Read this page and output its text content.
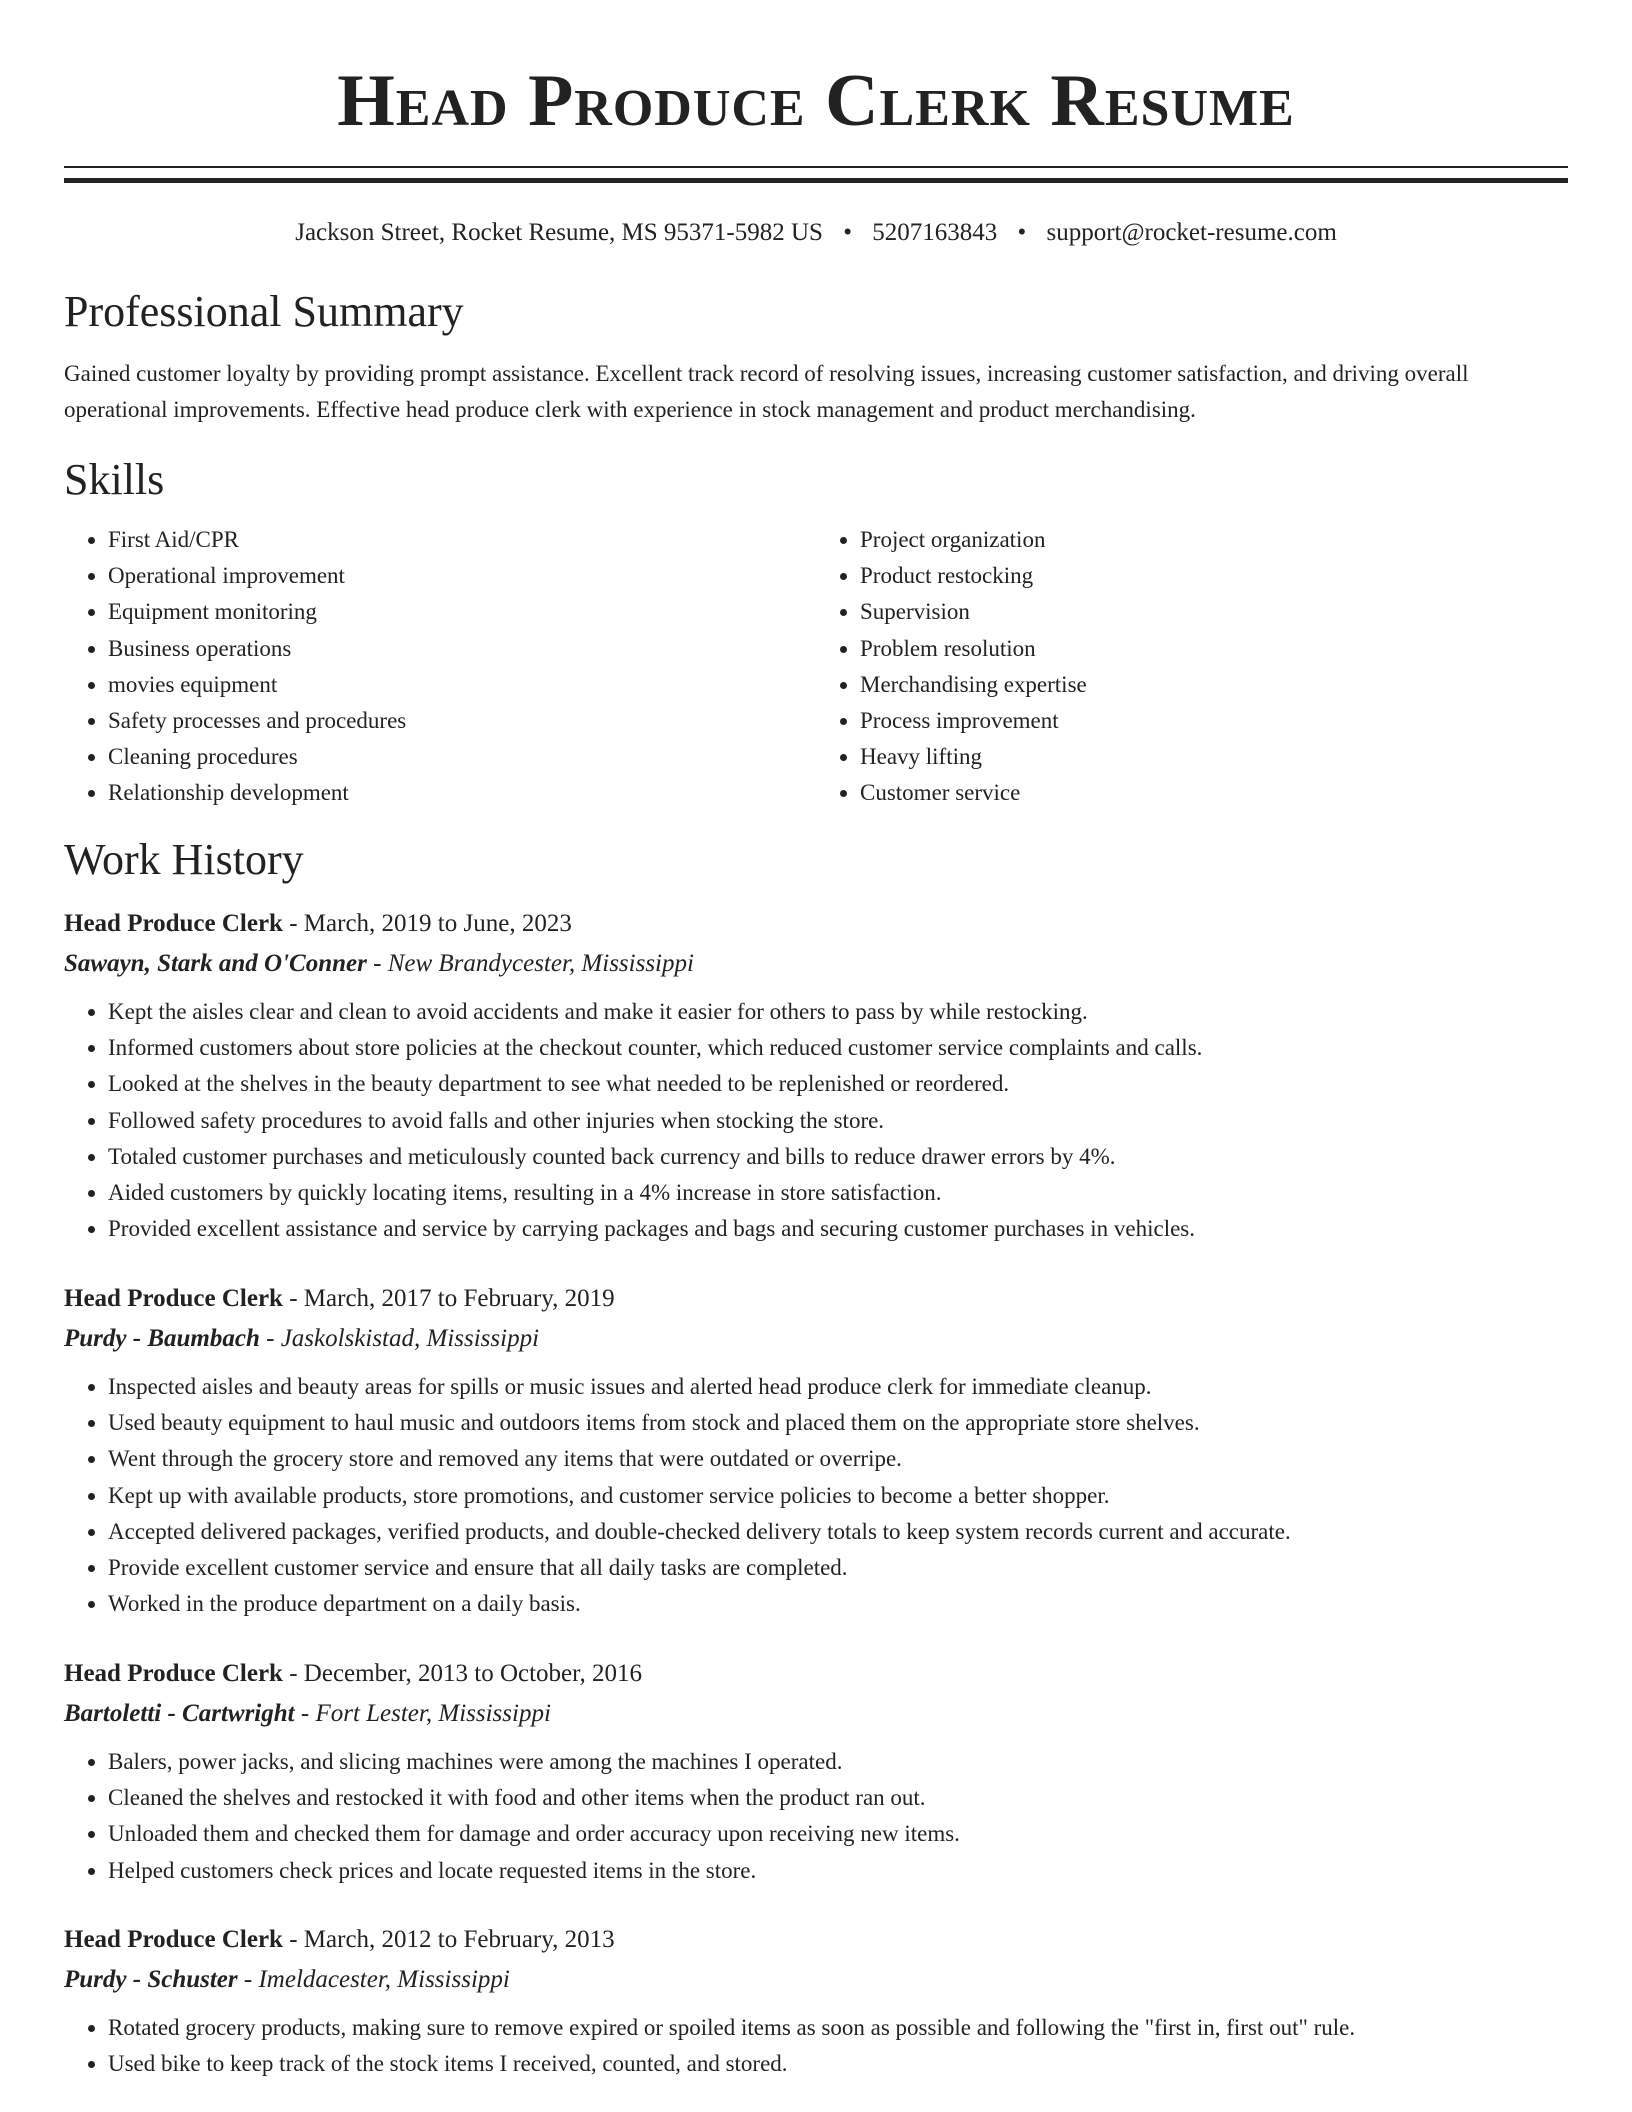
Head Produce Clerk Resume
Jackson Street, Rocket Resume, MS 95371-5982 US • 5207163843 • support@rocket-resume.com
Professional Summary

Gained customer loyalty by providing prompt assistance. Excellent track record of resolving issues, increasing customer satisfaction, and driving overall operational improvements. Effective head produce clerk with experience in stock management and product merchandising.

Skills
• First Aid/CPR
• Operational improvement
• Equipment monitoring
• Business operations
• movies equipment
• Safety processes and procedures
• Cleaning procedures
• Relationship development
• Project organization
• Product restocking
• Supervision
• Problem resolution
• Merchandising expertise
• Process improvement
• Heavy lifting
• Customer service
Work History
Head Produce Clerk - March, 2019 to June, 2023
Sawayn, Stark and O'Conner - New Brandycester, Mississippi
• Kept the aisles clear and clean to avoid accidents and make it easier for others to pass by while restocking.
• Informed customers about store policies at the checkout counter, which reduced customer service complaints and calls.
• Looked at the shelves in the beauty department to see what needed to be replenished or reordered.
• Followed safety procedures to avoid falls and other injuries when stocking the store.
• Totaled customer purchases and meticulously counted back currency and bills to reduce drawer errors by 4%.
• Aided customers by quickly locating items, resulting in a 4% increase in store satisfaction.
• Provided excellent assistance and service by carrying packages and bags and securing customer purchases in vehicles.
Head Produce Clerk - March, 2017 to February, 2019
Purdy - Baumbach - Jaskolskistad, Mississippi
• Inspected aisles and beauty areas for spills or music issues and alerted head produce clerk for immediate cleanup.
• Used beauty equipment to haul music and outdoors items from stock and placed them on the appropriate store shelves.
• Went through the grocery store and removed any items that were outdated or overripe.
• Kept up with available products, store promotions, and customer service policies to become a better shopper.
• Accepted delivered packages, verified products, and double-checked delivery totals to keep system records current and accurate.
• Provide excellent customer service and ensure that all daily tasks are completed.
• Worked in the produce department on a daily basis.
Head Produce Clerk - December, 2013 to October, 2016
Bartoletti - Cartwright - Fort Lester, Mississippi
• Balers, power jacks, and slicing machines were among the machines I operated.
• Cleaned the shelves and restocked it with food and other items when the product ran out.
• Unloaded them and checked them for damage and order accuracy upon receiving new items.
• Helped customers check prices and locate requested items in the store.
Head Produce Clerk - March, 2012 to February, 2013
Purdy - Schuster - Imeldacester, Mississippi
• Rotated grocery products, making sure to remove expired or spoiled items as soon as possible and following the "first in, first out" rule.
• Used bike to keep track of the stock items I received, counted, and stored.
